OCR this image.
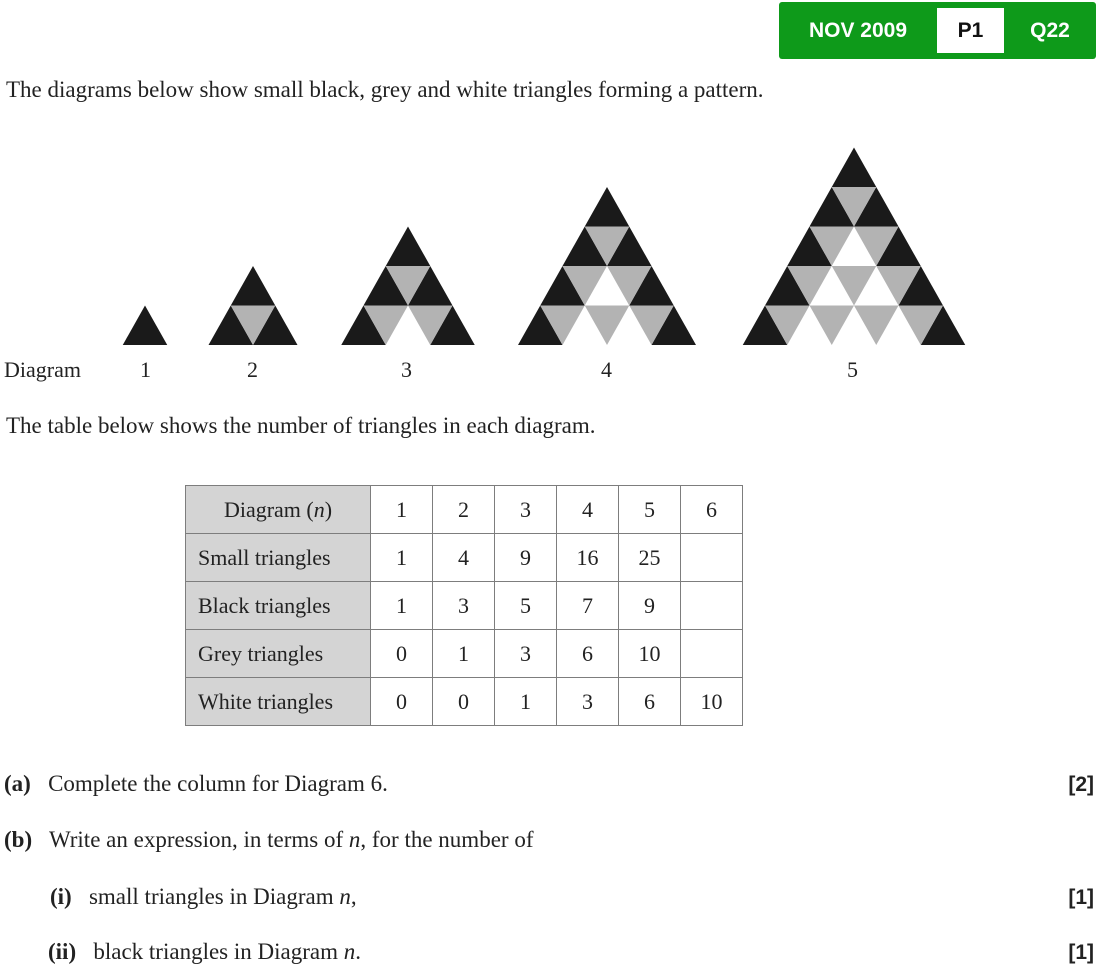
NOV 2009	P1	Q22
The diagrams below show small black, grey and white triangles forming a pattern.
Diagram	1	2	3	4	5
The table below shows the number of triangles in each diagram.
Diagram (n)	1	2	3	4	5	6
Small triangles	1	4	9	16	25	
Black triangles	1	3	5	7	9	
Grey triangles	0	1	3	6	10	
White triangles	0	0	1	3	6	10
(a) Complete the column for Diagram 6.	[2]
(b) Write an expression, in terms of n, for the number of
(i) small triangles in Diagram n,	[1]
(ii) black triangles in Diagram n.	[1]
